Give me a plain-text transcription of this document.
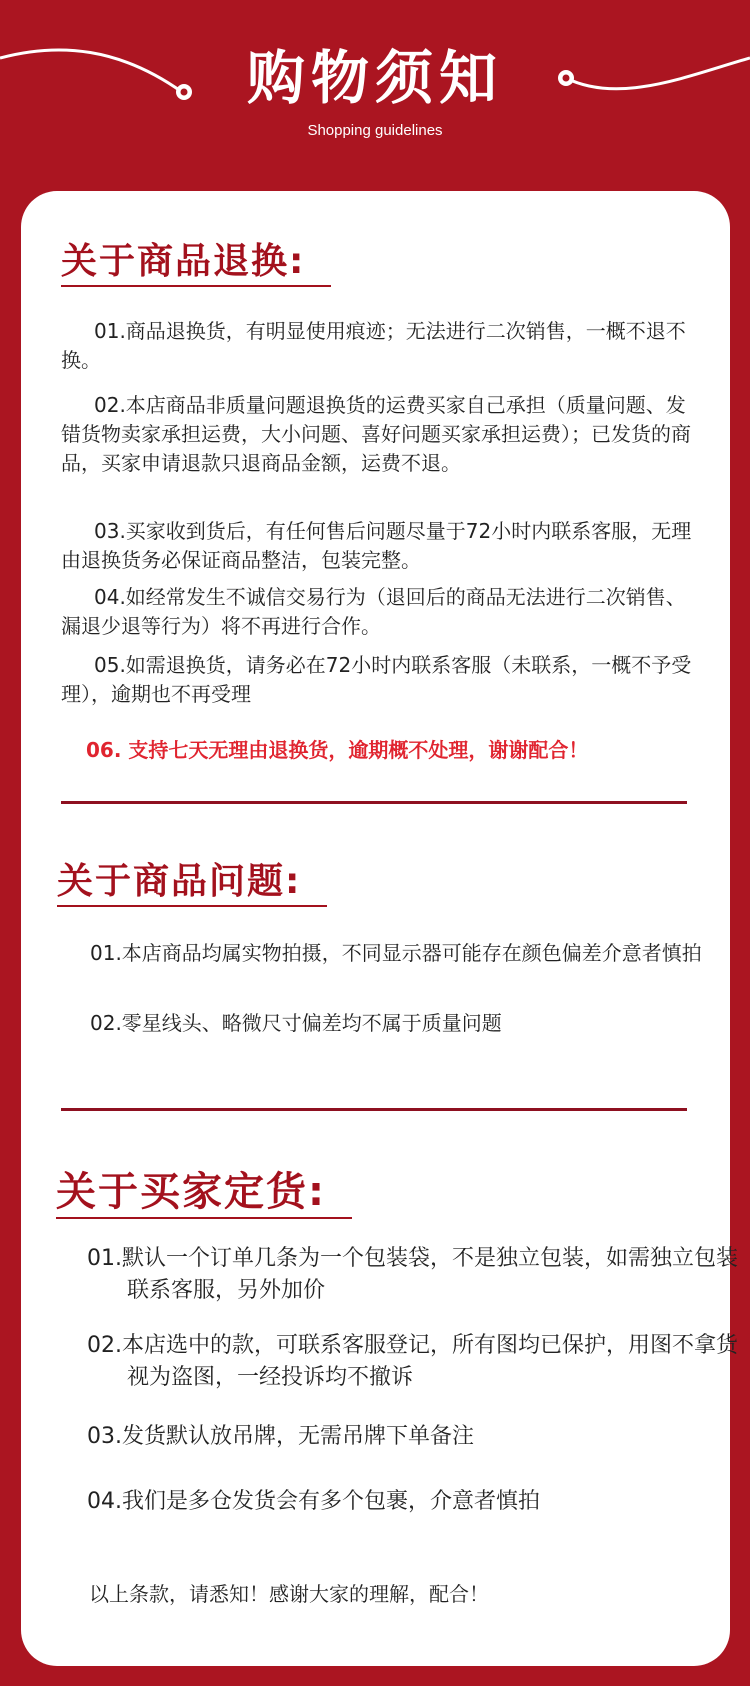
购物须知
Shopping guidelines
关于商品退换:

01.商品退换货，有明显使用痕迹；无法进行二次销售，一概不退不换。

02.本店商品非质量问题退换货的运费买家自己承担（质量问题、发错货物卖家承担运费，大小问题、喜好问题买家承担运费）；已发货的商品，买家申请退款只退商品金额，运费不退。

03.买家收到货后，有任何售后问题尽量于72小时内联系客服，无理由退换货务必保证商品整洁，包装完整。

04.如经常发生不诚信交易行为（退回后的商品无法进行二次销售、漏退少退等行为）将不再进行合作。

05.如需退换货，请务必在72小时内联系客服（未联系，一概不予受理），逾期也不再受理

06. 支持七天无理由退换货，逾期概不处理，谢谢配合！
关于商品问题:

01.本店商品均属实物拍摄，不同显示器可能存在颜色偏差介意者慎拍

02.零星线头、略微尺寸偏差均不属于质量问题

关于买家定货:

01.默认一个订单几条为一个包装袋，不是独立包装，如需独立包装联系客服，另外加价

02.本店选中的款，可联系客服登记，所有图均已保护，用图不拿货视为盗图，一经投诉均不撤诉

03.发货默认放吊牌，无需吊牌下单备注

04.我们是多仓发货会有多个包裹，介意者慎拍

以上条款，请悉知！感谢大家的理解，配合！
